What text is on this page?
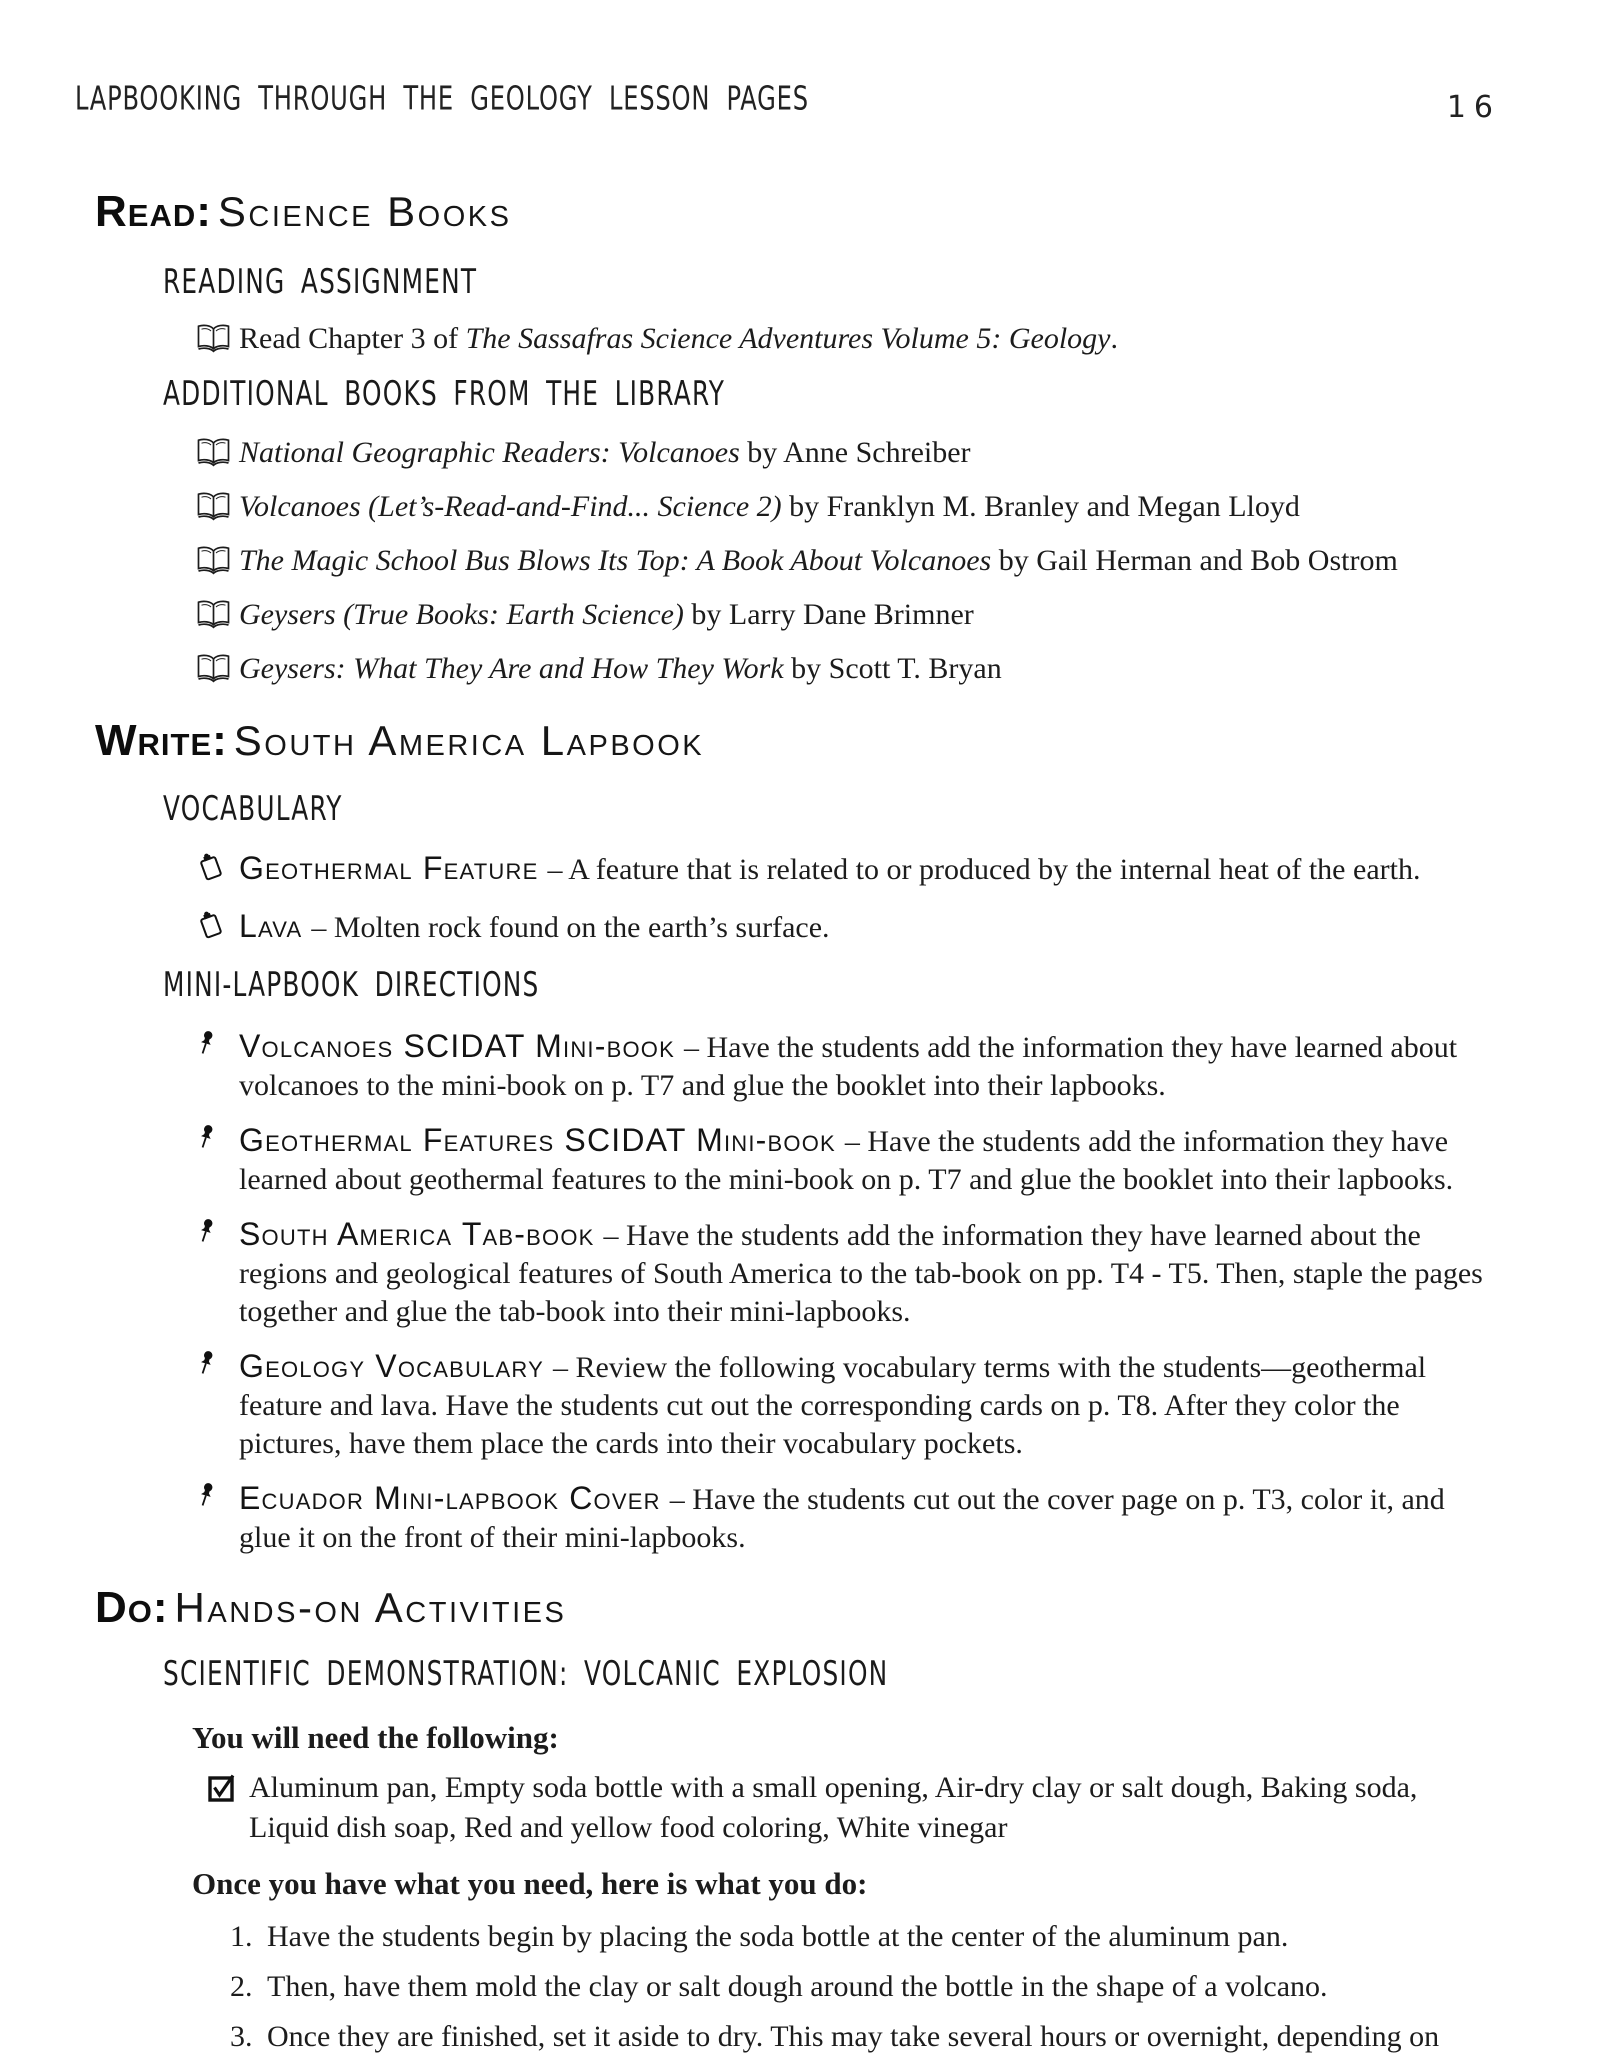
LAPBOOKING THROUGH THE GEOLOGY LESSON PAGES	16
Read: Science Books
READING ASSIGNMENT

Read Chapter 3 of The Sassafras Science Adventures Volume 5: Geology.

ADDITIONAL BOOKS FROM THE LIBRARY

National Geographic Readers: Volcanoes by Anne Schreiber

Volcanoes (Let’s-Read-and-Find... Science 2) by Franklyn M. Branley and Megan Lloyd

The Magic School Bus Blows Its Top: A Book About Volcanoes by Gail Herman and Bob Ostrom

Geysers (True Books: Earth Science) by Larry Dane Brimner

Geysers: What They Are and How They Work by Scott T. Bryan

Write: South America Lapbook
VOCABULARY

Geothermal Feature – A feature that is related to or produced by the internal heat of the earth.

Lava – Molten rock found on the earth’s surface.

MINI-LAPBOOK DIRECTIONS

Volcanoes SCIDAT Mini-book – Have the students add the information they have learned about volcanoes to the mini-book on p. T7 and glue the booklet into their lapbooks.

Geothermal Features SCIDAT Mini-book – Have the students add the information they have learned about geothermal features to the mini-book on p. T7 and glue the booklet into their lapbooks.

South America Tab-book – Have the students add the information they have learned about the regions and geological features of South America to the tab-book on pp. T4 - T5. Then, staple the pages together and glue the tab-book into their mini-lapbooks.

Geology Vocabulary – Review the following vocabulary terms with the students—geothermal feature and lava. Have the students cut out the corresponding cards on p. T8. After they color the pictures, have them place the cards into their vocabulary pockets.

Ecuador Mini-lapbook Cover – Have the students cut out the cover page on p. T3, color it, and glue it on the front of their mini-lapbooks.

Do: Hands-on Activities
SCIENTIFIC DEMONSTRATION: VOLCANIC EXPLOSION

You will need the following:

Aluminum pan, Empty soda bottle with a small opening, Air-dry clay or salt dough, Baking soda, Liquid dish soap, Red and yellow food coloring, White vinegar

Once you have what you need, here is what you do:

1. Have the students begin by placing the soda bottle at the center of the aluminum pan.

2. Then, have them mold the clay or salt dough around the bottle in the shape of a volcano.

3. Once they are finished, set it aside to dry. This may take several hours or overnight, depending on
